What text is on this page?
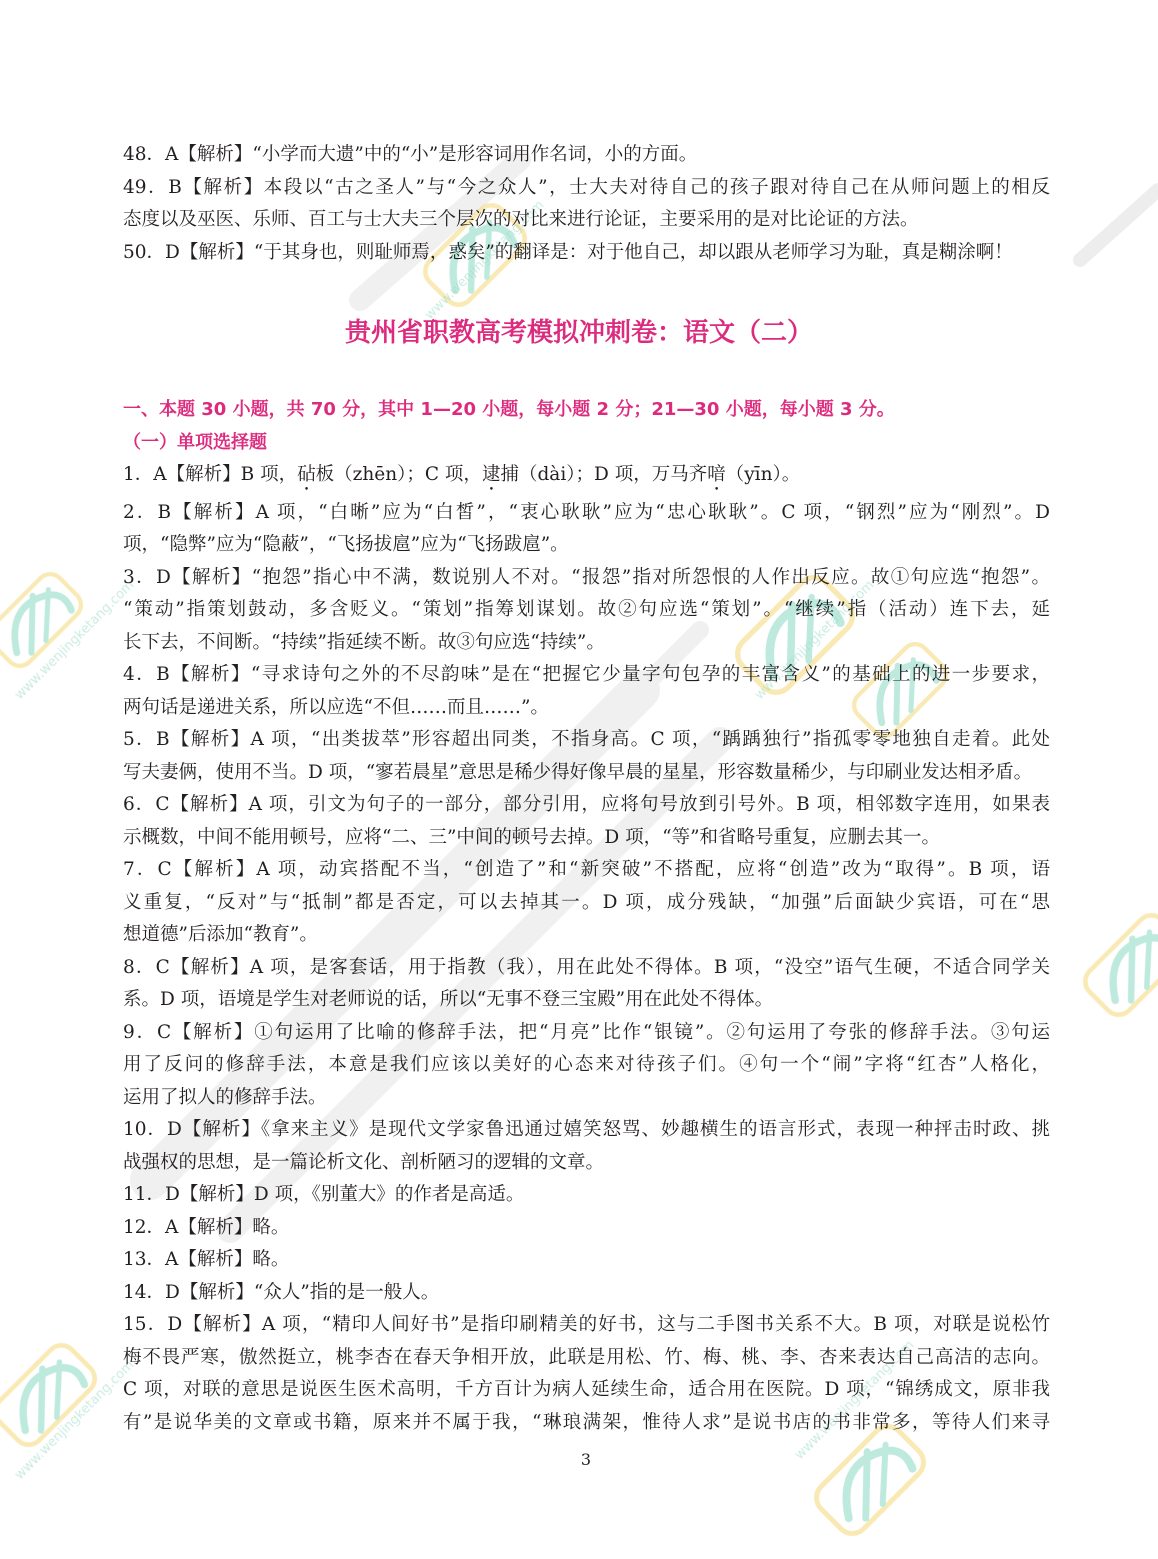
www.wenjingketang.com
www.wenjingketang.com
www.wenjingketang.com
www.wenjingketang.com
www.wenjingketang.com
48．A【解析】“小学而大遗”中的“小”是形容词用作名词，小的方面。
49．B【解析】本段以“古之圣人”与“今之众人”，士大夫对待自己的孩子跟对待自己在从师问题上的相反
态度以及巫医、乐师、百工与士大夫三个层次的对比来进行论证，主要采用的是对比论证的方法。
50．D【解析】“于其身也，则耻师焉，惑矣”的翻译是：对于他自己，却以跟从老师学习为耻，真是糊涂啊！
贵州省职教高考模拟冲刺卷：语文（二）
一、本题 30 小题，共 70 分，其中 1—20 小题，每小题 2 分；21—30 小题，每小题 3 分。
（一）单项选择题
1．A【解析】B 项，砧板（zhēn）；C 项，逮捕（dài）；D 项，万马齐喑（yīn）。
2．B【解析】A 项，“白晰”应为“白皙”，“衷心耿耿”应为“忠心耿耿”。C 项，“钢烈”应为“刚烈”。D
项，“隐弊”应为“隐蔽”，“飞扬拔扈”应为“飞扬跋扈”。
3．D【解析】“抱怨”指心中不满，数说别人不对。“报怨”指对所怨恨的人作出反应。故①句应选“抱怨”。
“策动”指策划鼓动，多含贬义。“策划”指筹划谋划。故②句应选“策划”。“继续”指（活动）连下去，延
长下去，不间断。“持续”指延续不断。故③句应选“持续”。
4．B【解析】“寻求诗句之外的不尽韵味”是在“把握它少量字句包孕的丰富含义”的基础上的进一步要求，
两句话是递进关系，所以应选“不但……而且……”。
5．B【解析】A 项，“出类拔萃”形容超出同类，不指身高。C 项，“踽踽独行”指孤零零地独自走着。此处
写夫妻俩，使用不当。D 项，“寥若晨星”意思是稀少得好像早晨的星星，形容数量稀少，与印刷业发达相矛盾。
6．C【解析】A 项，引文为句子的一部分，部分引用，应将句号放到引号外。B 项，相邻数字连用，如果表
示概数，中间不能用顿号，应将“二、三”中间的顿号去掉。D 项，“等”和省略号重复，应删去其一。
7．C【解析】A 项，动宾搭配不当，“创造了”和“新突破”不搭配，应将“创造”改为“取得”。B 项，语
义重复，“反对”与“抵制”都是否定，可以去掉其一。D 项，成分残缺，“加强”后面缺少宾语，可在“思
想道德”后添加“教育”。
8．C【解析】A 项，是客套话，用于指教（我），用在此处不得体。B 项，“没空”语气生硬，不适合同学关
系。D 项，语境是学生对老师说的话，所以“无事不登三宝殿”用在此处不得体。
9．C【解析】①句运用了比喻的修辞手法，把“月亮”比作“银镜”。②句运用了夸张的修辞手法。③句运
用了反问的修辞手法，本意是我们应该以美好的心态来对待孩子们。④句一个“闹”字将“红杏”人格化，
运用了拟人的修辞手法。
10．D【解析】《拿来主义》是现代文学家鲁迅通过嬉笑怒骂、妙趣横生的语言形式，表现一种抨击时政、挑
战强权的思想，是一篇论析文化、剖析陋习的逻辑的文章。
11．D【解析】D 项，《别董大》的作者是高适。
12．A【解析】略。
13．A【解析】略。
14．D【解析】“众人”指的是一般人。
15．D【解析】A 项，“精印人间好书”是指印刷精美的好书，这与二手图书关系不大。B 项，对联是说松竹
梅不畏严寒，傲然挺立，桃李杏在春天争相开放，此联是用松、竹、梅、桃、李、杏来表达自己高洁的志向。
C 项，对联的意思是说医生医术高明，千方百计为病人延续生命，适合用在医院。D 项，“锦绣成文，原非我
有”是说华美的文章或书籍，原来并不属于我，“琳琅满架，惟待人求”是说书店的书非常多，等待人们来寻
3
